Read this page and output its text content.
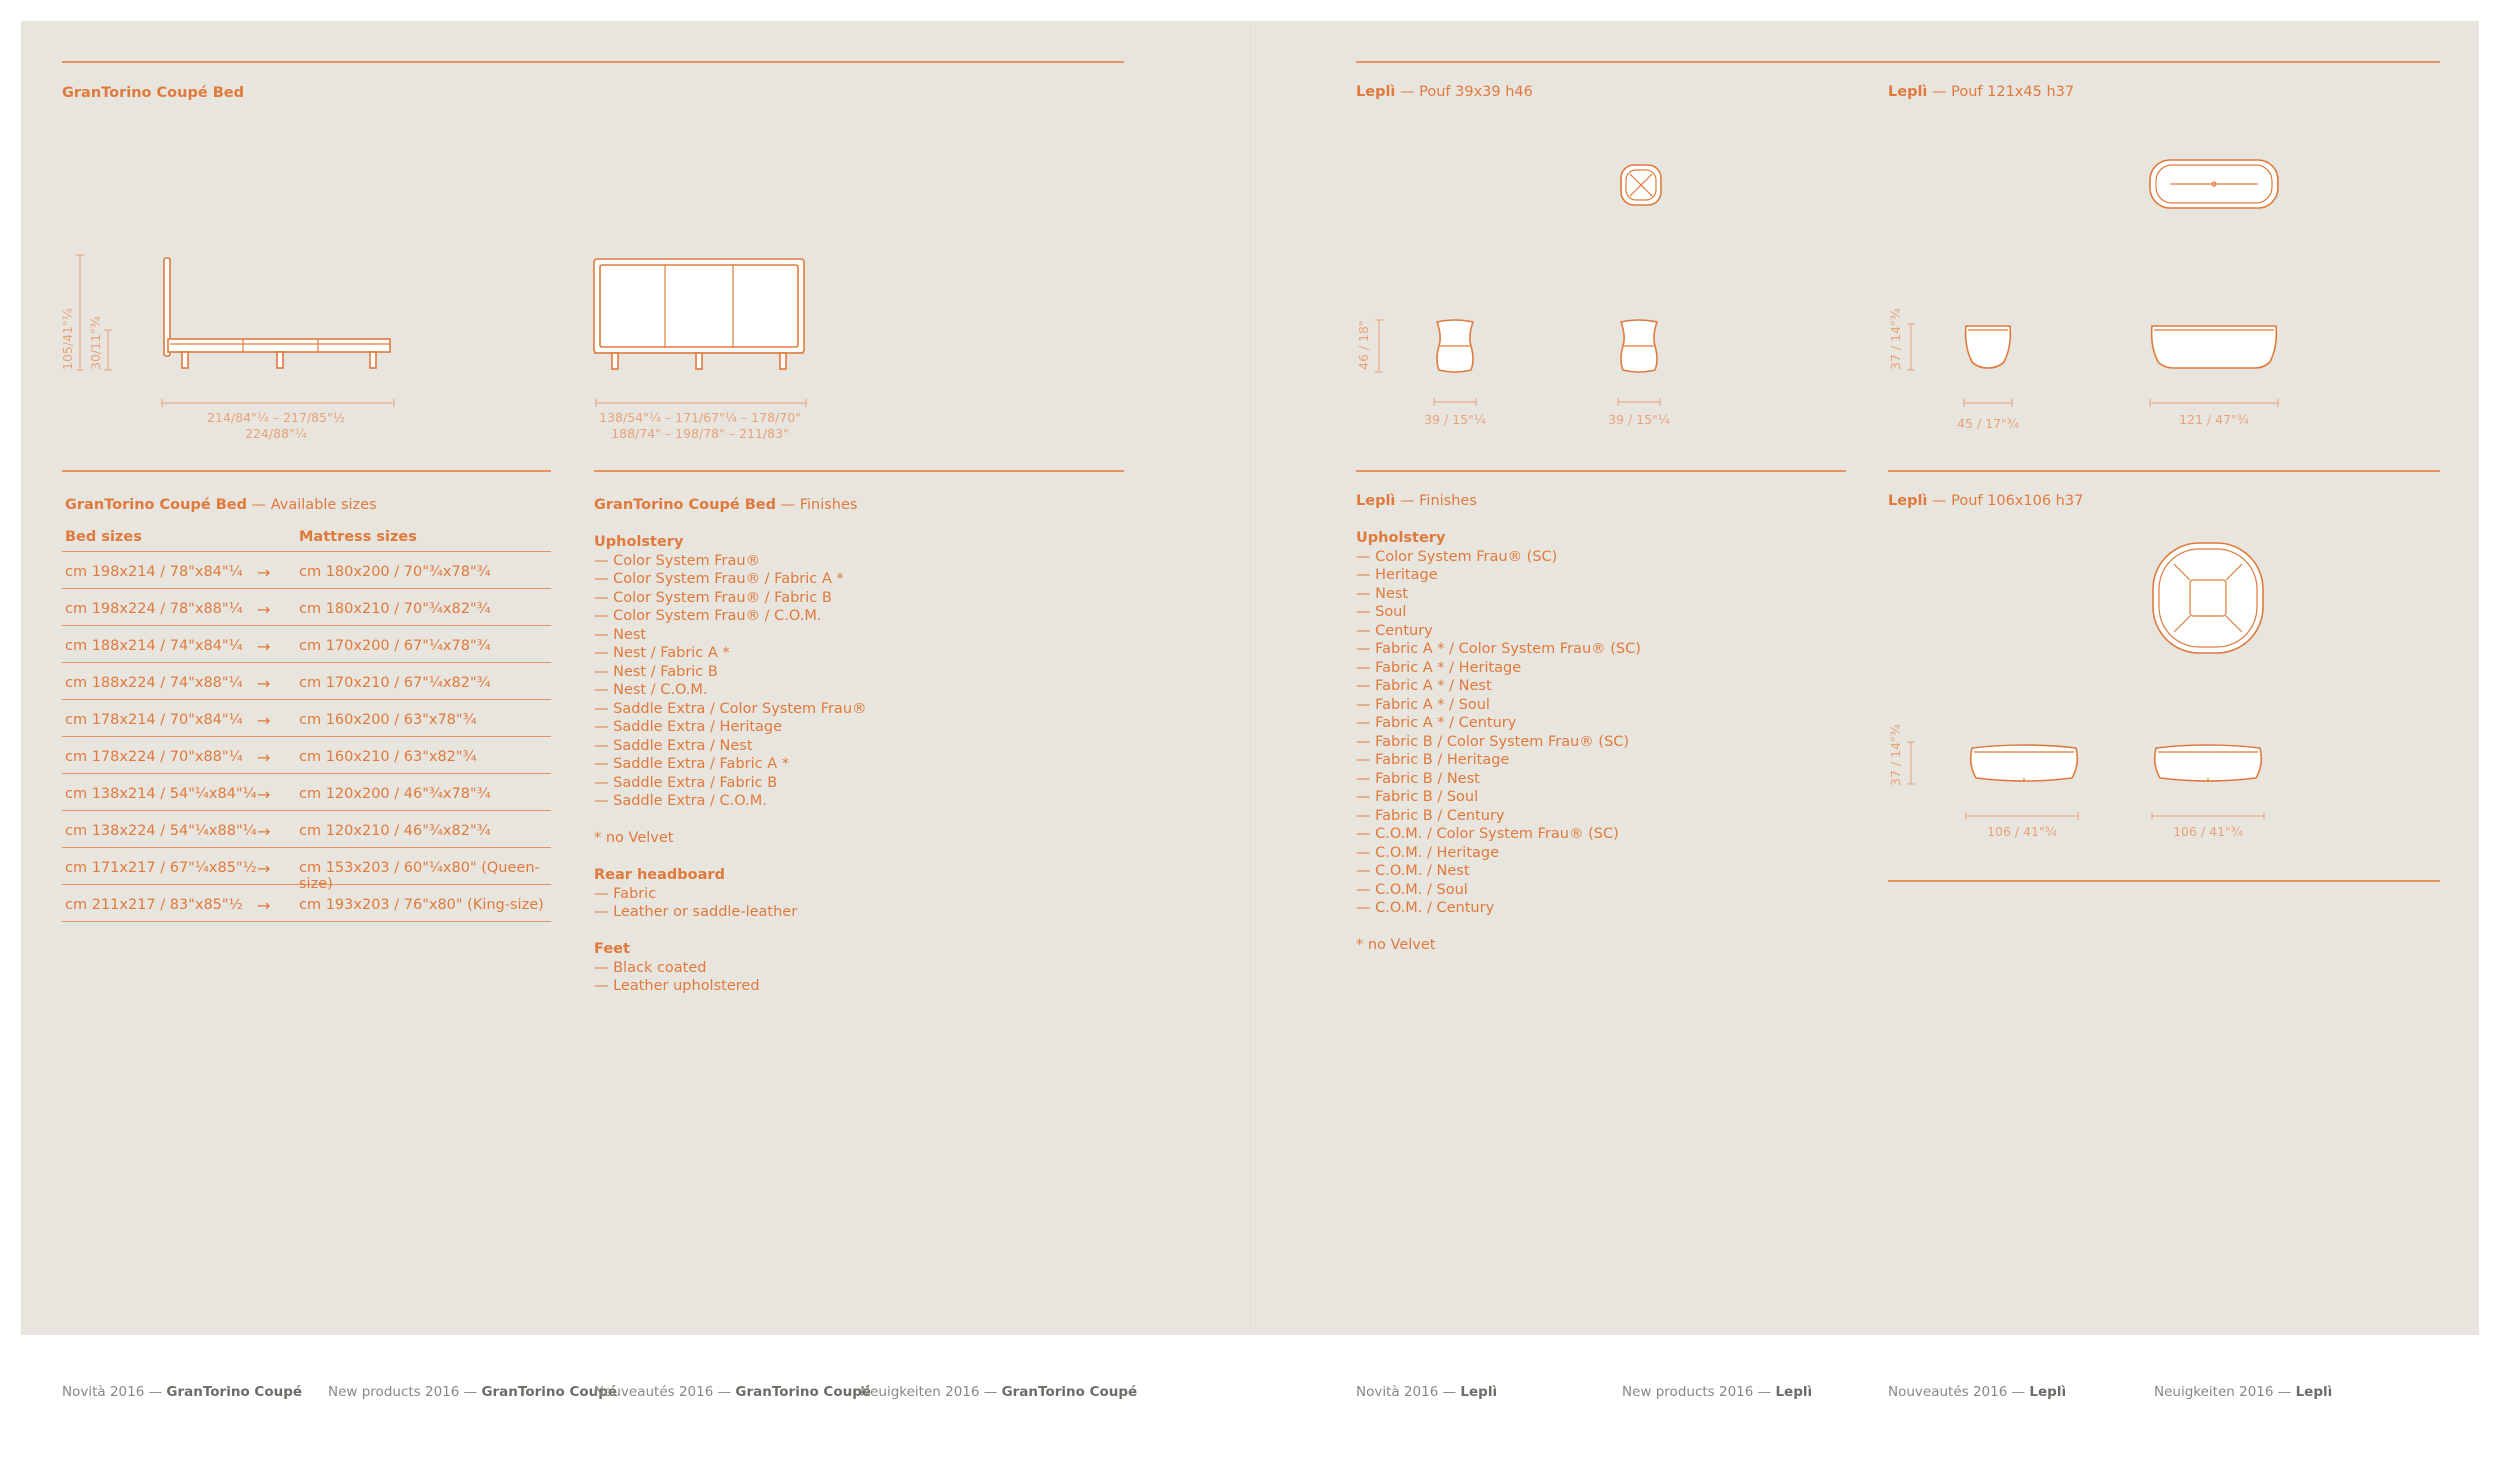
GranTorino Coupé Bed
105/41"¼ 30/11"¾
214/84"¼ – 217/85"½
224/88"¼
138/54"¼ – 171/67"¼ – 178/70"
188/74" – 198/78" – 211/83"
GranTorino Coupé Bed — Available sizes
Bed sizes	Mattress sizes
cm 198x214 / 78"x84"¼ → cm 180x200 / 70"¾x78"¾
cm 198x224 / 78"x88"¼ → cm 180x210 / 70"¾x82"¾
cm 188x214 / 74"x84"¼ → cm 170x200 / 67"¼x78"¾
cm 188x224 / 74"x88"¼ → cm 170x210 / 67"¼x82"¾
cm 178x214 / 70"x84"¼ → cm 160x200 / 63"x78"¾
cm 178x224 / 70"x88"¼ → cm 160x210 / 63"x82"¾
cm 138x214 / 54"¼x84"¼ → cm 120x200 / 46"¾x78"¾
cm 138x224 / 54"¼x88"¼ → cm 120x210 / 46"¾x82"¾
cm 171x217 / 67"¼x85"½ → cm 153x203 / 60"¼x80" (Queen-size)
cm 211x217 / 83"x85"½ → cm 193x203 / 76"x80" (King-size)
GranTorino Coupé Bed — Finishes
Upholstery
— Color System Frau®
— Color System Frau® / Fabric A *
— Color System Frau® / Fabric B
— Color System Frau® / C.O.M.
— Nest
— Nest / Fabric A *
— Nest / Fabric B
— Nest / C.O.M.
— Saddle Extra / Color System Frau®
— Saddle Extra / Heritage
— Saddle Extra / Nest
— Saddle Extra / Fabric A *
— Saddle Extra / Fabric B
— Saddle Extra / C.O.M.
* no Velvet
Rear headboard
— Fabric
— Leather or saddle-leather
Feet
— Black coated
— Leather upholstered
Leplì — Pouf 39x39 h46
46 / 18"
39 / 15"¼	39 / 15"¼
Leplì — Pouf 121x45 h37
37 / 14"¾
45 / 17"¾	121 / 47"¾
Leplì — Finishes
Upholstery
— Color System Frau® (SC)
— Heritage
— Nest
— Soul
— Century
— Fabric A * / Color System Frau® (SC)
— Fabric A * / Heritage
— Fabric A * / Nest
— Fabric A * / Soul
— Fabric A * / Century
— Fabric B / Color System Frau® (SC)
— Fabric B / Heritage
— Fabric B / Nest
— Fabric B / Soul
— Fabric B / Century
— C.O.M. / Color System Frau® (SC)
— C.O.M. / Heritage
— C.O.M. / Nest
— C.O.M. / Soul
— C.O.M. / Century
* no Velvet
Leplì — Pouf 106x106 h37
37 / 14"¾
106 / 41"¾	106 / 41"¾
Novità 2016 — GranTorino Coupé New products 2016 — GranTorino Coupé
Nouveautés 2016 — GranTorino Coupé
Neuigkeiten 2016 — GranTorino Coupé	Novità 2016 — Leplì	New products 2016 — Leplì	Nouveautés 2016 — Leplì	Neuigkeiten 2016 — Leplì
